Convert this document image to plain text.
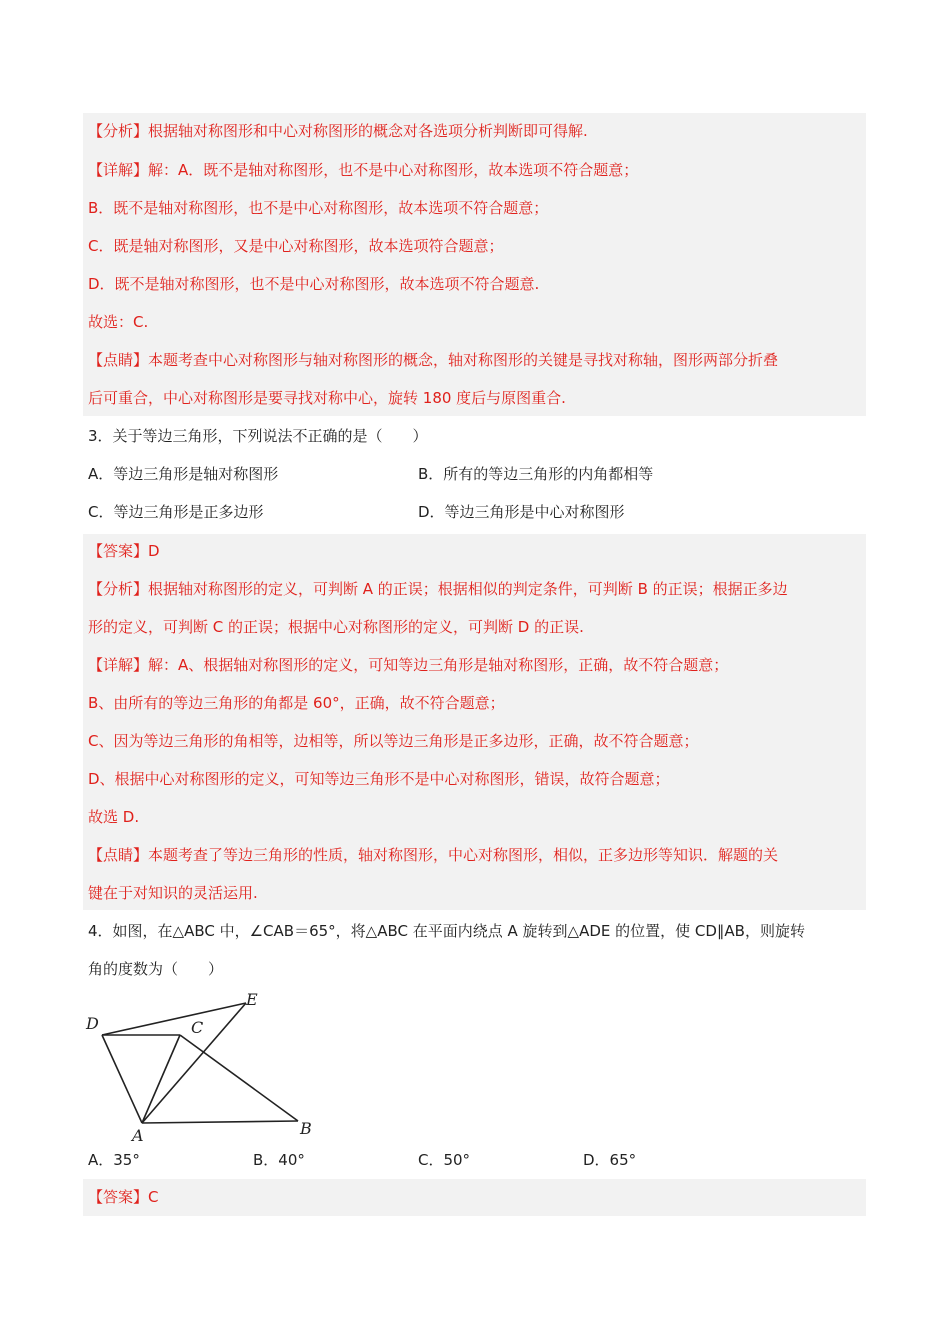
【分析】根据轴对称图形和中心对称图形的概念对各选项分析判断即可得解.
【详解】解：A．既不是轴对称图形，也不是中心对称图形，故本选项不符合题意；
B．既不是轴对称图形，也不是中心对称图形，故本选项不符合题意；
C．既是轴对称图形，又是中心对称图形，故本选项符合题意；
D．既不是轴对称图形，也不是中心对称图形，故本选项不符合题意.
故选：C.
【点睛】本题考查中心对称图形与轴对称图形的概念，轴对称图形的关键是寻找对称轴，图形两部分折叠
后可重合，中心对称图形是要寻找对称中心，旋转 180 度后与原图重合.
3．关于等边三角形，下列说法不正确的是（　　）
A．等边三角形是轴对称图形	B．所有的等边三角形的内角都相等
C．等边三角形是正多边形	D．等边三角形是中心对称图形
【答案】D
【分析】根据轴对称图形的定义，可判断 A 的正误；根据相似的判定条件，可判断 B 的正误；根据正多边
形的定义，可判断 C 的正误；根据中心对称图形的定义，可判断 D 的正误.
【详解】解：A、根据轴对称图形的定义，可知等边三角形是轴对称图形，正确，故不符合题意；
B、由所有的等边三角形的角都是 60°，正确，故不符合题意；
C、因为等边三角形的角相等，边相等，所以等边三角形是正多边形，正确，故不符合题意；
D、根据中心对称图形的定义，可知等边三角形不是中心对称图形，错误，故符合题意；
故选 D.
【点睛】本题考查了等边三角形的性质，轴对称图形，中心对称图形，相似，正多边形等知识．解题的关
键在于对知识的灵活运用.
4．如图，在△ABC 中，∠CAB＝65°，将△ABC 在平面内绕点 A 旋转到△ADE 的位置，使 CD∥AB，则旋转
角的度数为（　　）
D	C
E
A	B
A．35°	B．40°	C．50°	D．65°
【答案】C
